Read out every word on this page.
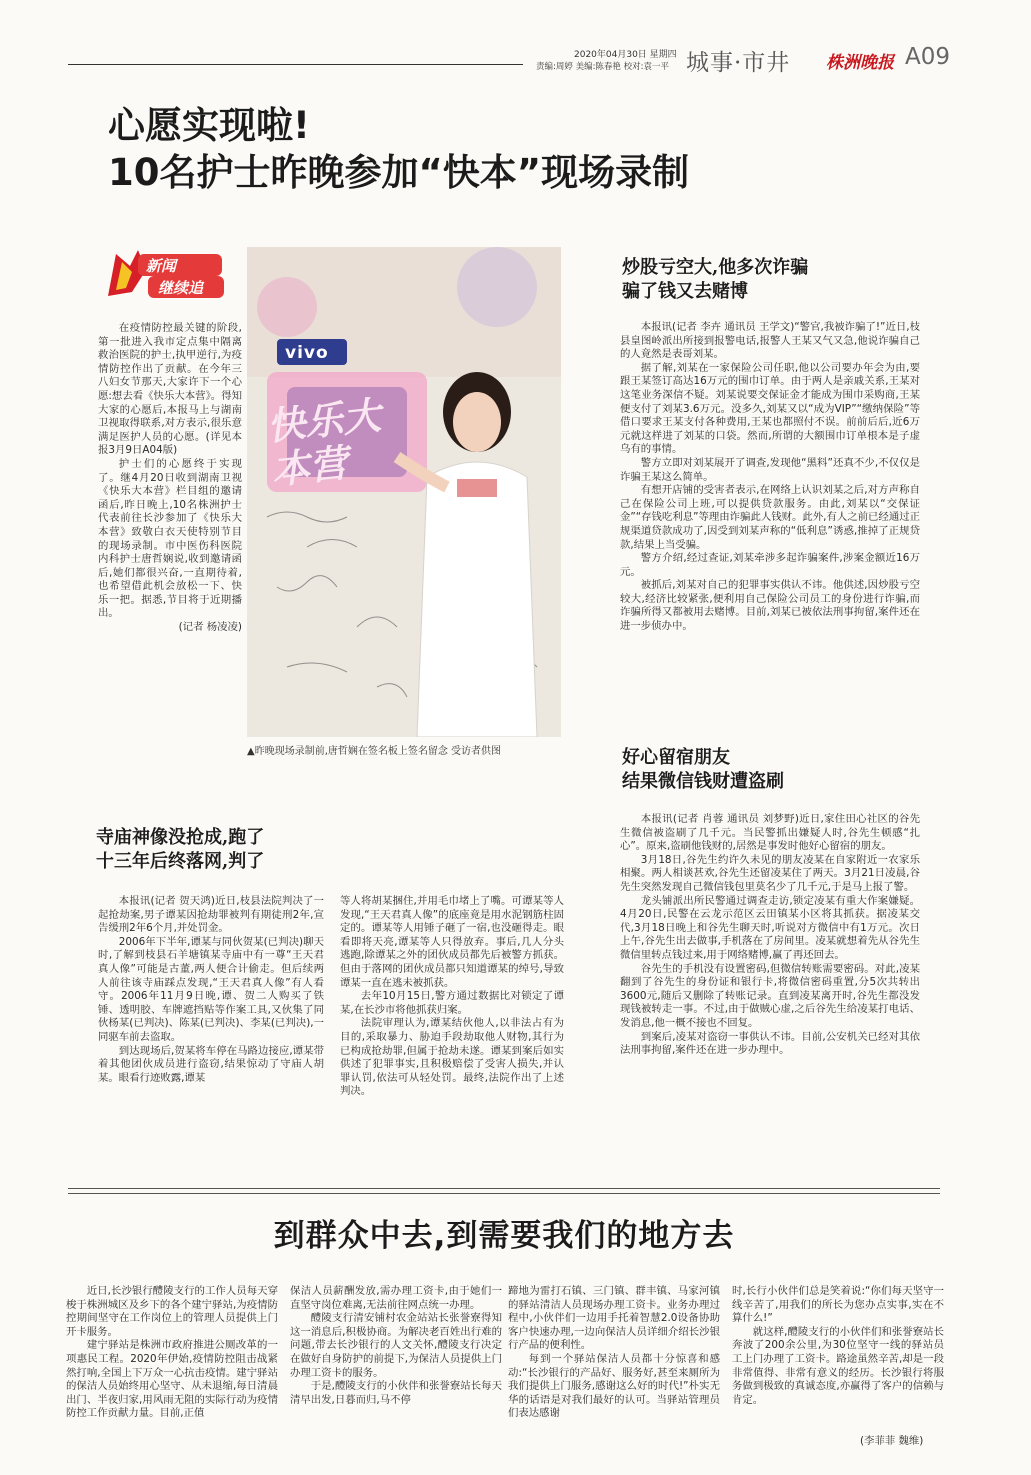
2020年04月30日 星期四
责编:周婷 美编:陈春艳 校对:袁一平 城事·市井 株洲晚报 A09
心愿实现啦!
10名护士昨晚参加“快本”现场录制
新闻
继续追

在疫情防控最关键的阶段,第一批进入我市定点集中隔离救治医院的护士,执甲逆行,为疫情防控作出了贡献。在今年三八妇女节那天,大家许下一个心愿:想去看《快乐大本营》。得知大家的心愿后,本报马上与湖南卫视取得联系,对方表示,很乐意满足医护人员的心愿。(详见本报3月9日A04版)

护士们的心愿终于实现了。继4月20日收到湖南卫视《快乐大本营》栏目组的邀请函后,昨日晚上,10名株洲护士代表前往长沙参加了《快乐大本营》致敬白衣天使特别节目的现场录制。市中医伤科医院内科护士唐哲娴说,收到邀请函后,她们都很兴奋,一直期待着,也希望借此机会放松一下、快乐一把。据悉,节目将于近期播出。

(记者 杨凌凌)
vivo
快乐大本营
▲昨晚现场录制前,唐哲娴在签名板上签名留念 受访者供图
炒股亏空大,他多次诈骗
骗了钱又去赌博

本报讯(记者 李卉 通讯员 王学文)“警官,我被诈骗了!”近日,枝县皇图岭派出所接到报警电话,报警人王某又气又急,他说诈骗自己的人竟然是表哥刘某。

据了解,刘某在一家保险公司任职,他以公司要办年会为由,要跟王某签订高达16万元的围巾订单。由于两人是亲戚关系,王某对这笔业务深信不疑。刘某说要交保证金才能成为围巾采购商,王某便支付了刘某3.6万元。没多久,刘某又以“成为VIP”“缴纳保险”等借口要求王某支付各种费用,王某也都照付不误。前前后后,近6万元就这样进了刘某的口袋。然而,所谓的大额围巾订单根本是子虚乌有的事情。

警方立即对刘某展开了调查,发现他“黑料”还真不少,不仅仅是诈骗王某这么简单。

有想开店铺的受害者表示,在网络上认识刘某之后,对方声称自己在保险公司上班,可以提供贷款服务。由此,刘某以“交保证金”“存钱吃利息”等理由诈骗此人钱财。此外,有人之前已经通过正规渠道贷款成功了,因受到刘某声称的“低利息”诱惑,推掉了正规贷款,结果上当受骗。

警方介绍,经过查证,刘某牵涉多起诈骗案件,涉案金额近16万元。

被抓后,刘某对自己的犯罪事实供认不讳。他供述,因炒股亏空较大,经济比较紧张,便利用自己保险公司员工的身份进行诈骗,而诈骗所得又都被用去赌博。目前,刘某已被依法刑事拘留,案件还在进一步侦办中。

好心留宿朋友
结果微信钱财遭盗刷

本报讯(记者 肖蓉 通讯员 刘梦野)近日,家住田心社区的谷先生微信被盗刷了几千元。当民警抓出嫌疑人时,谷先生顿感“扎心”。原来,盗刷他钱财的,居然是事发时他好心留宿的朋友。

3月18日,谷先生约许久未见的朋友凌某在自家附近一农家乐相聚。两人相谈甚欢,谷先生还留凌某住了两天。3月21日凌晨,谷先生突然发现自己微信钱包里莫名少了几千元,于是马上报了警。

龙头铺派出所民警通过调查走访,锁定凌某有重大作案嫌疑。4月20日,民警在云龙示范区云田镇某小区将其抓获。据凌某交代,3月18日晚上和谷先生聊天时,听说对方微信中有1万元。次日上午,谷先生出去做事,手机落在了房间里。凌某就想着先从谷先生微信里转点钱过来,用于网络赌博,赢了再还回去。

谷先生的手机没有设置密码,但微信转账需要密码。对此,凌某翻到了谷先生的身份证和银行卡,将微信密码重置,分5次共转出3600元,随后又删除了转账记录。直到凌某离开时,谷先生都没发现钱被转走一事。不过,由于做贼心虚,之后谷先生给凌某打电话、发消息,他一概不接也不回复。

到案后,凌某对盗窃一事供认不讳。目前,公安机关已经对其依法刑事拘留,案件还在进一步办理中。

寺庙神像没抢成,跑了
十三年后终落网,判了

本报讯(记者 贺天鸿)近日,枝县法院判决了一起抢劫案,男子谭某因抢劫罪被判有期徒刑2年,宣告缓刑2年6个月,并处罚金。

2006年下半年,谭某与同伙贺某(已判决)聊天时,了解到枝县石羊塘镇某寺庙中有一尊“王天君真人像”可能是古董,两人便合计偷走。但后续两人前往该寺庙踩点发现,“王天君真人像”有人看守。2006年11月9日晚,谭、贺二人购买了铁锤、透明胶、车牌遮挡贴等作案工具,又伙集了同伙杨某(已判决)、陈某(已判决)、李某(已判决),一同驱车前去盗取。

到达现场后,贺某将车停在马路边接应,谭某带着其他团伙成员进行盗窃,结果惊动了守庙人胡某。眼看行迹败露,谭某

等人将胡某捆住,并用毛巾堵上了嘴。可谭某等人发现,“王天君真人像”的底座竟是用水泥钢筋柱固定的。谭某等人用锤子砸了一宿,也没砸得走。眼看即将天亮,谭某等人只得放弃。事后,几人分头逃跑,除谭某之外的团伙成员都先后被警方抓获。但由于落网的团伙成员都只知道谭某的绰号,导致谭某一直在逃未被抓获。

去年10月15日,警方通过数据比对锁定了谭某,在长沙市将他抓获归案。

法院审理认为,谭某结伙他人,以非法占有为目的,采取暴力、胁迫手段劫取他人财物,其行为已构成抢劫罪,但属于抢劫未遂。谭某到案后如实供述了犯罪事实,且积极赔偿了受害人损失,并认罪认罚,依法可从轻处罚。最终,法院作出了上述判决。

到群众中去,到需要我们的地方去

近日,长沙银行醴陵支行的工作人员每天穿梭于株洲城区及乡下的各个建宁驿站,为疫情防控期间坚守在工作岗位上的管理人员提供上门开卡服务。

建宁驿站是株洲市政府推进公厕改革的一项惠民工程。2020年伊始,疫情防控阻击战紧然打响,全国上下万众一心抗击疫情。建宁驿站的保洁人员始终用心坚守、从未退缩,每日清晨出门、半夜归家,用风雨无阻的实际行动为疫情防控工作贡献力量。目前,正值

保洁人员薪酬发放,需办理工资卡,由于她们一直坚守岗位难离,无法前往网点统一办理。

醴陵支行清安铺村农金站站长张誉寮得知这一消息后,积极协商。为解决老百姓出行难的问题,带去长沙银行的人文关怀,醴陵支行决定在做好自身防护的前提下,为保洁人员提供上门办理工资卡的服务。

于是,醴陵支行的小伙伴和张誉寮站长每天清早出发,日暮而归,马不停

蹄地为雷打石镇、三门镇、群丰镇、马家河镇的驿站清洁人员现场办理工资卡。业务办理过程中,小伙伴们一边用手托着智慧2.0设备协助客户快速办理,一边向保洁人员详细介绍长沙银行产品的便利性。

每到一个驿站保洁人员都十分惊喜和感动:“长沙银行的产品好、服务好,甚至来厕所为我们提供上门服务,感谢这么好的时代!”朴实无华的话语是对我们最好的认可。当驿站管理员们表达感谢

时,长行小伙伴们总是笑着说:“你们每天坚守一线辛苦了,用我们的所长为您办点实事,实在不算什么!”

就这样,醴陵支行的小伙伴们和张誉寮站长奔波了200余公里,为30位坚守一线的驿站员工上门办理了工资卡。路途虽然辛苦,却是一段非常值得、非常有意义的经历。长沙银行将服务做到极致的真诚态度,亦赢得了客户的信赖与肯定。

(李菲菲 魏维)
